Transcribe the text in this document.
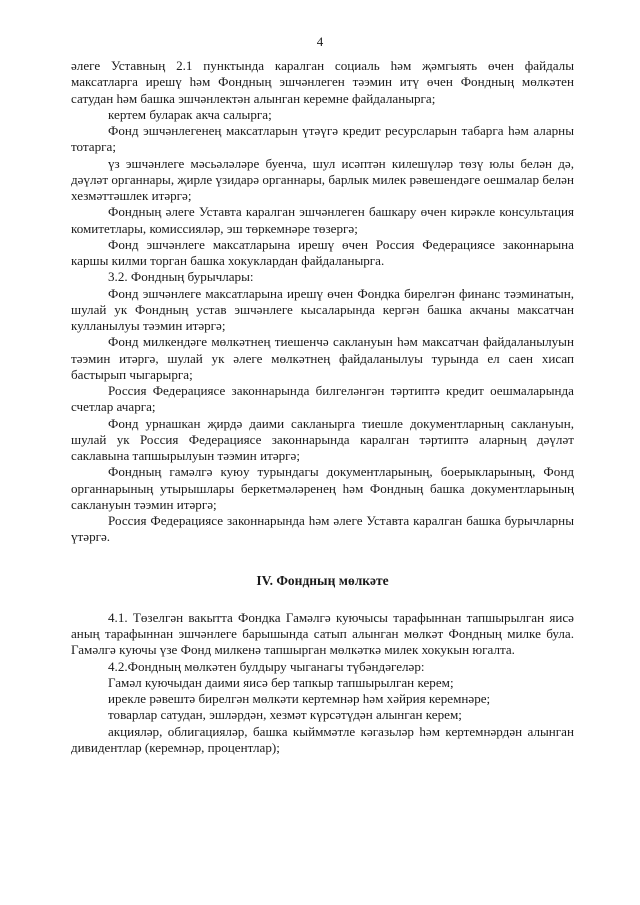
4

әлеге Уставның 2.1 пунктында каралган социаль һәм җәмгыять өчен файдалы максатларга ирешү һәм Фондның эшчәнлеген тәэмин итү өчен Фондның мөлкәтен сатудан һәм башка эшчәнлектән алынган керемне файдаланырга;

кертем буларак акча салырга;

Фонд эшчәнлегенең максатларын үтәүгә кредит ресурсларын табарга һәм аларны тотарга;

үз эшчәнлеге мәсьәләләре буенча, шул исәптән килешүләр төзү юлы белән дә, дәүләт органнары, җирле үзидарә органнары, барлык милек рәвешендәге оешмалар белән хезмәттәшлек итәргә;

Фондның әлеге Уставта каралган эшчәнлеген башкару өчен кирәкле консультация комитетлары, комиссияләр, эш төркемнәре төзергә;

Фонд эшчәнлеге максатларына ирешү өчен Россия Федерациясе законнарына каршы килми торган башка хокуклардан файдаланырга.

3.2. Фондның бурычлары:

Фонд эшчәнлеге максатларына ирешү өчен Фондка бирелгән финанс тәэминатын, шулай ук Фондның устав эшчәнлеге кысаларында кергән башка акчаны максатчан кулланылуы тәэмин итәргә;

Фонд милкендәге мөлкәтнең тиешенчә саклануын һәм максатчан файдаланылуын тәэмин итәргә, шулай ук әлеге мөлкәтнең файдаланылуы турында ел саен хисап бастырып чыгарырга;

Россия Федерациясе законнарында билгеләнгән тәртиптә кредит оешмаларында счетлар ачарга;

Фонд урнашкан җирдә даими сакланырга тиешле документларның саклануын, шулай ук Россия Федерациясе законнарында каралган тәртиптә аларның дәүләт саклавына тапшырылуын тәэмин итәргә;

Фондның гамәлгә куюу турындагы документларының, боерыкларының, Фонд органнарының утырышлары беркетмәләренең һәм Фондның башка документларының саклануын тәэмин итәргә;

Россия Федерациясе законнарында һәм әлеге Уставта каралган башка бурычларны үтәргә.

IV. Фондның мөлкәте

4.1. Төзелгән вакытта Фондка Гамәлгә куючысы тарафыннан тапшырылган яисә аның тарафыннан эшчәнлеге барышында сатып алынган мөлкәт Фондның милке була. Гамәлгә куючы үзе Фонд милкенә тапшырган мөлкәткә милек хокукын югалта.

4.2.Фондның мөлкәтен булдыру чыганагы түбәндәгеләр:

Гамәл куючыдан даими яисә бер тапкыр тапшырылган керем;

ирекле рәвештә бирелгән мөлкәти кертемнәр һәм хәйрия керемнәре;

товарлар сатудан, эшләрдән, хезмәт күрсәтүдән алынган керем;

акцияләр, облигацияләр, башка кыйммәтле кәгазьләр һәм кертемнәрдән алынган дивидентлар (керемнәр, процентлар);
